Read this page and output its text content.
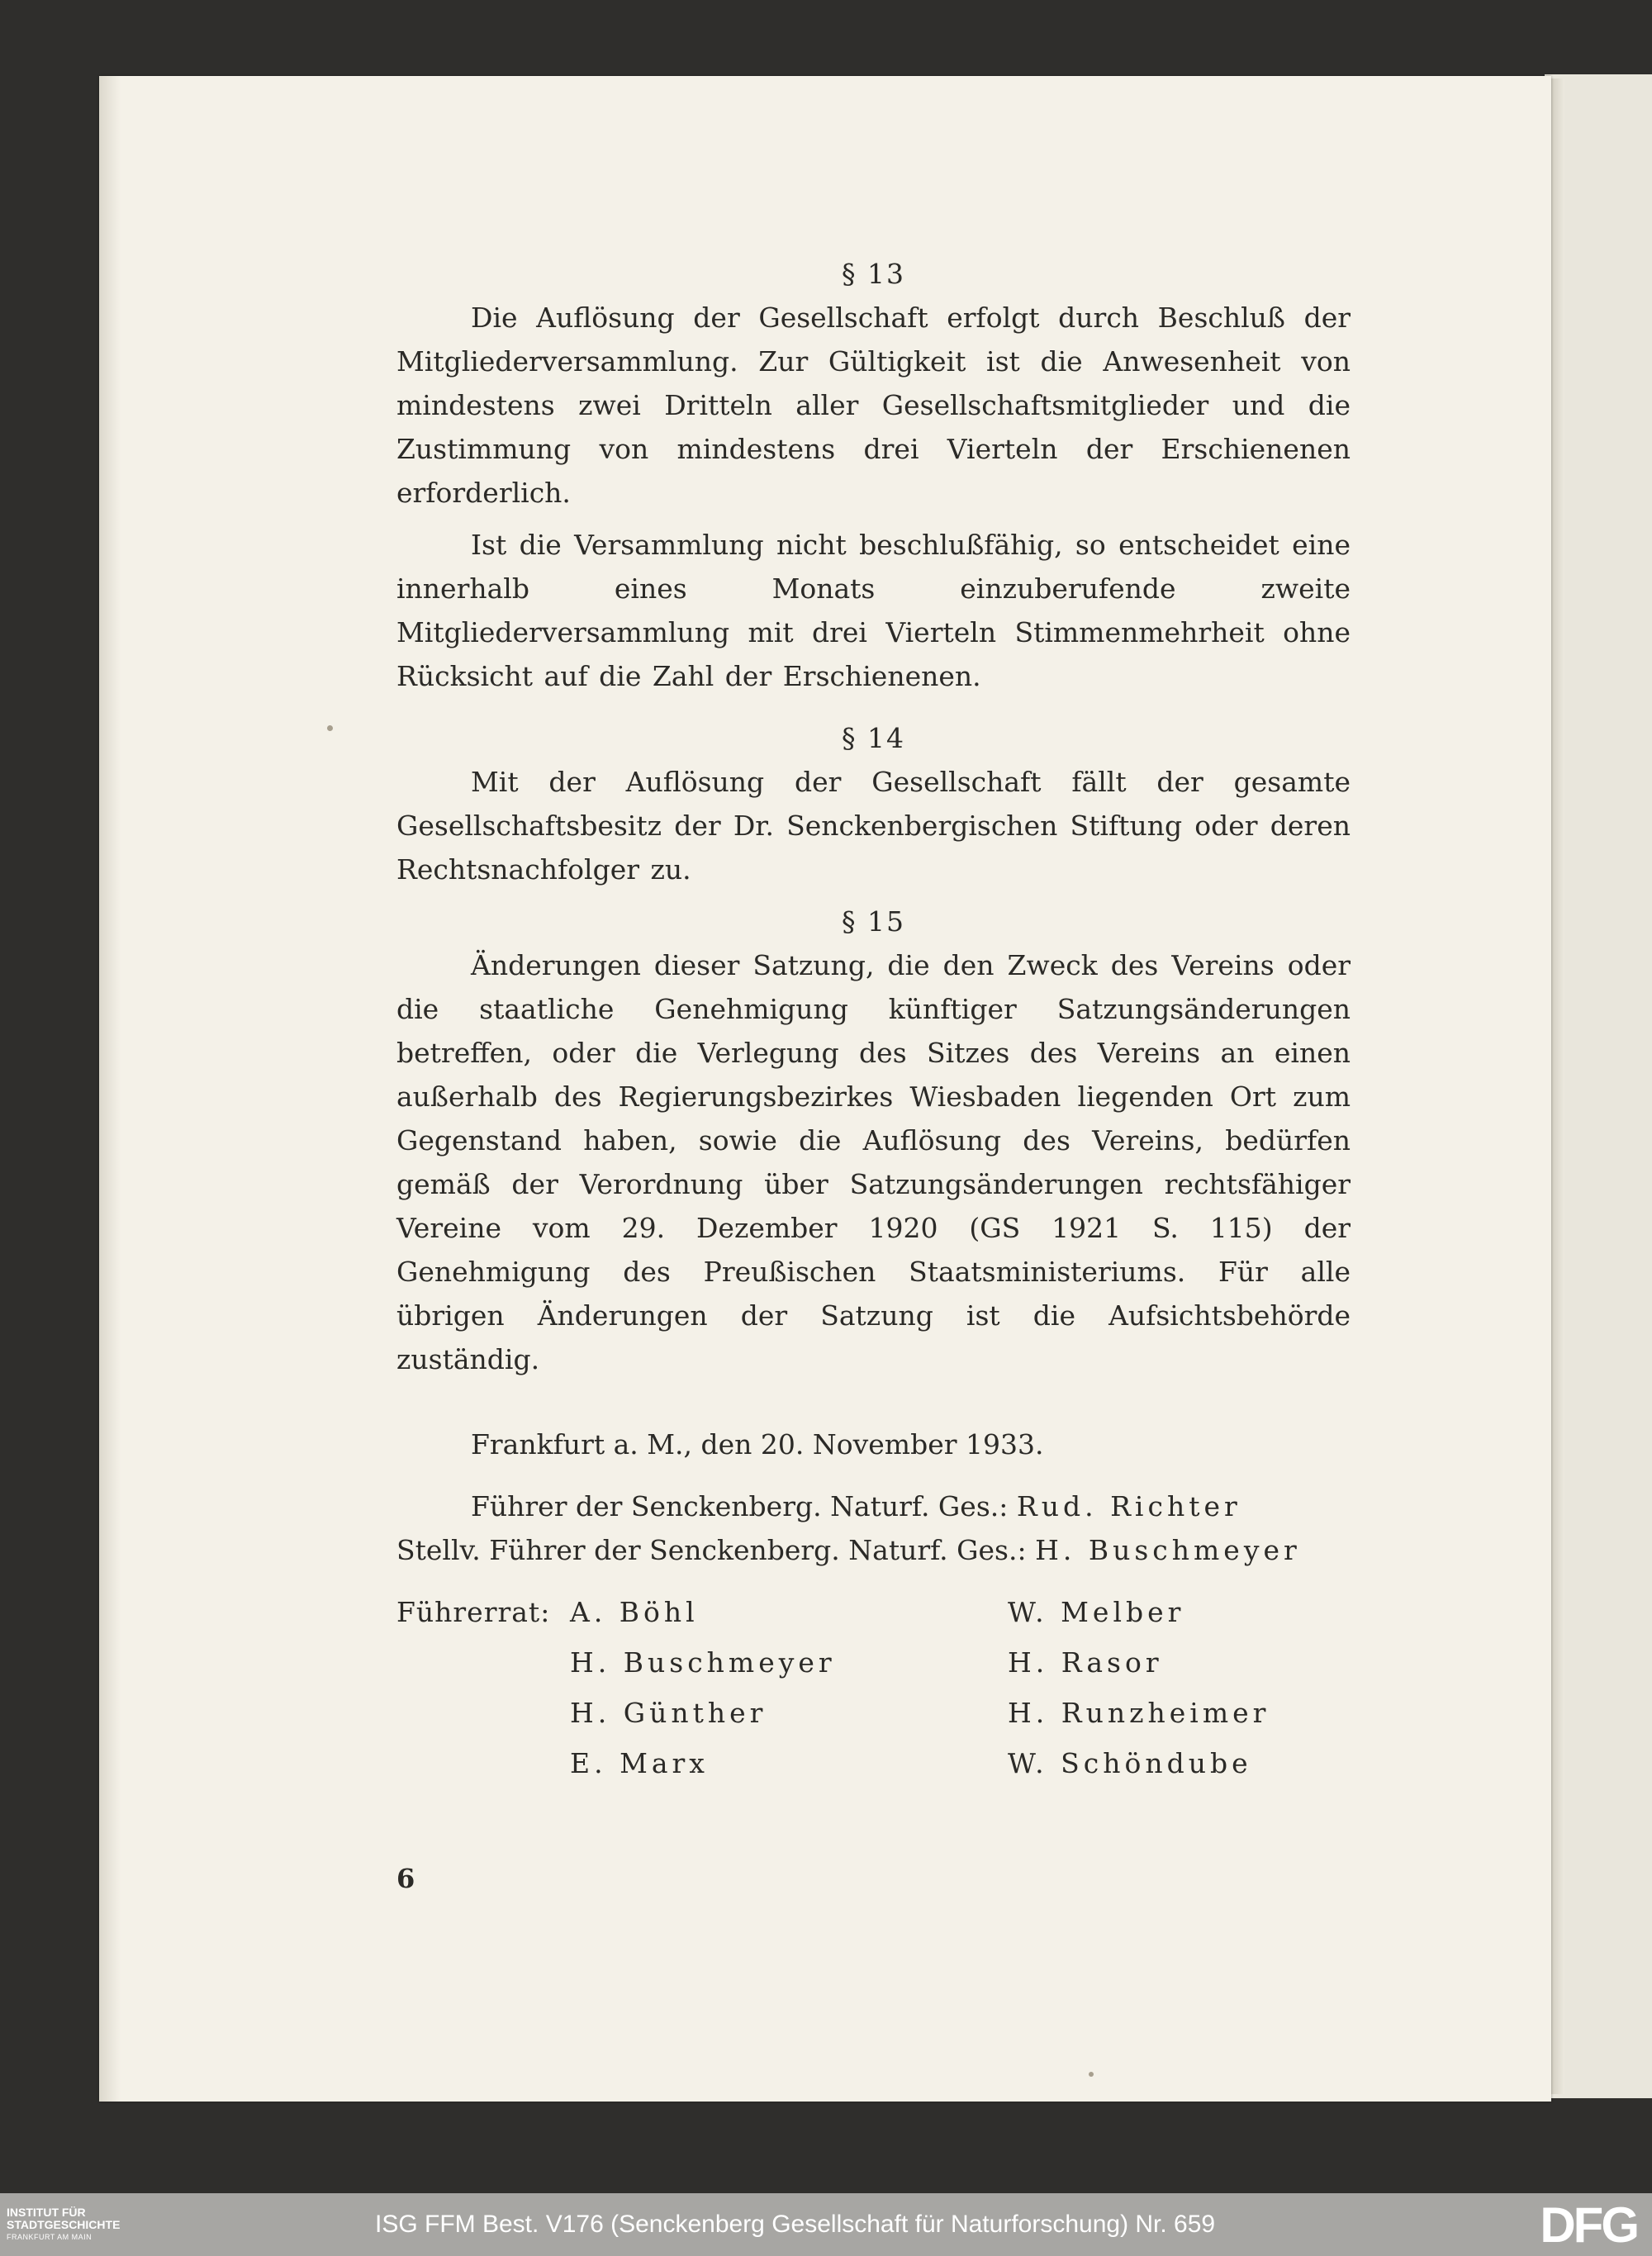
§ 13
Die Auflösung der Gesellschaft erfolgt durch Beschluß der Mitgliederversammlung. Zur Gültigkeit ist die Anwesenheit von mindestens zwei Dritteln aller Gesellschaftsmitglieder und die Zustimmung von mindestens drei Vierteln der Erschienenen erforderlich.
Ist die Versammlung nicht beschlußfähig, so entscheidet eine innerhalb eines Monats einzuberufende zweite Mitgliederversammlung mit drei Vierteln Stimmenmehrheit ohne Rücksicht auf die Zahl der Erschienenen.
§ 14
Mit der Auflösung der Gesellschaft fällt der gesamte Gesellschaftsbesitz der Dr. Senckenbergischen Stiftung oder deren Rechtsnachfolger zu.
§ 15
Änderungen dieser Satzung, die den Zweck des Vereins oder die staatliche Genehmigung künftiger Satzungsänderungen betreffen, oder die Verlegung des Sitzes des Vereins an einen außerhalb des Regierungsbezirkes Wiesbaden liegenden Ort zum Gegenstand haben, sowie die Auflösung des Vereins, bedürfen gemäß der Verordnung über Satzungsänderungen rechtsfähiger Vereine vom 29. Dezember 1920 (GS 1921 S. 115) der Genehmigung des Preußischen Staatsministeriums. Für alle übrigen Änderungen der Satzung ist die Aufsichtsbehörde zuständig.
Frankfurt a. M., den 20. November 1933.
Führer der Senckenberg. Naturf. Ges.: Rud. Richter
Stellv. Führer der Senckenberg. Naturf. Ges.: H. Buschmeyer
Führerrat: A. Böhl	W. Melber
H. Buschmeyer	H. Rasor
H. Günther	H. Runzheimer
E. Marx	W. Schöndube
6
INSTITUT FÜR
STADTGESCHICHTE
FRANKFURT AM MAIN	ISG FFM Best. V176 (Senckenberg Gesellschaft für Naturforschung) Nr. 659	DFG
